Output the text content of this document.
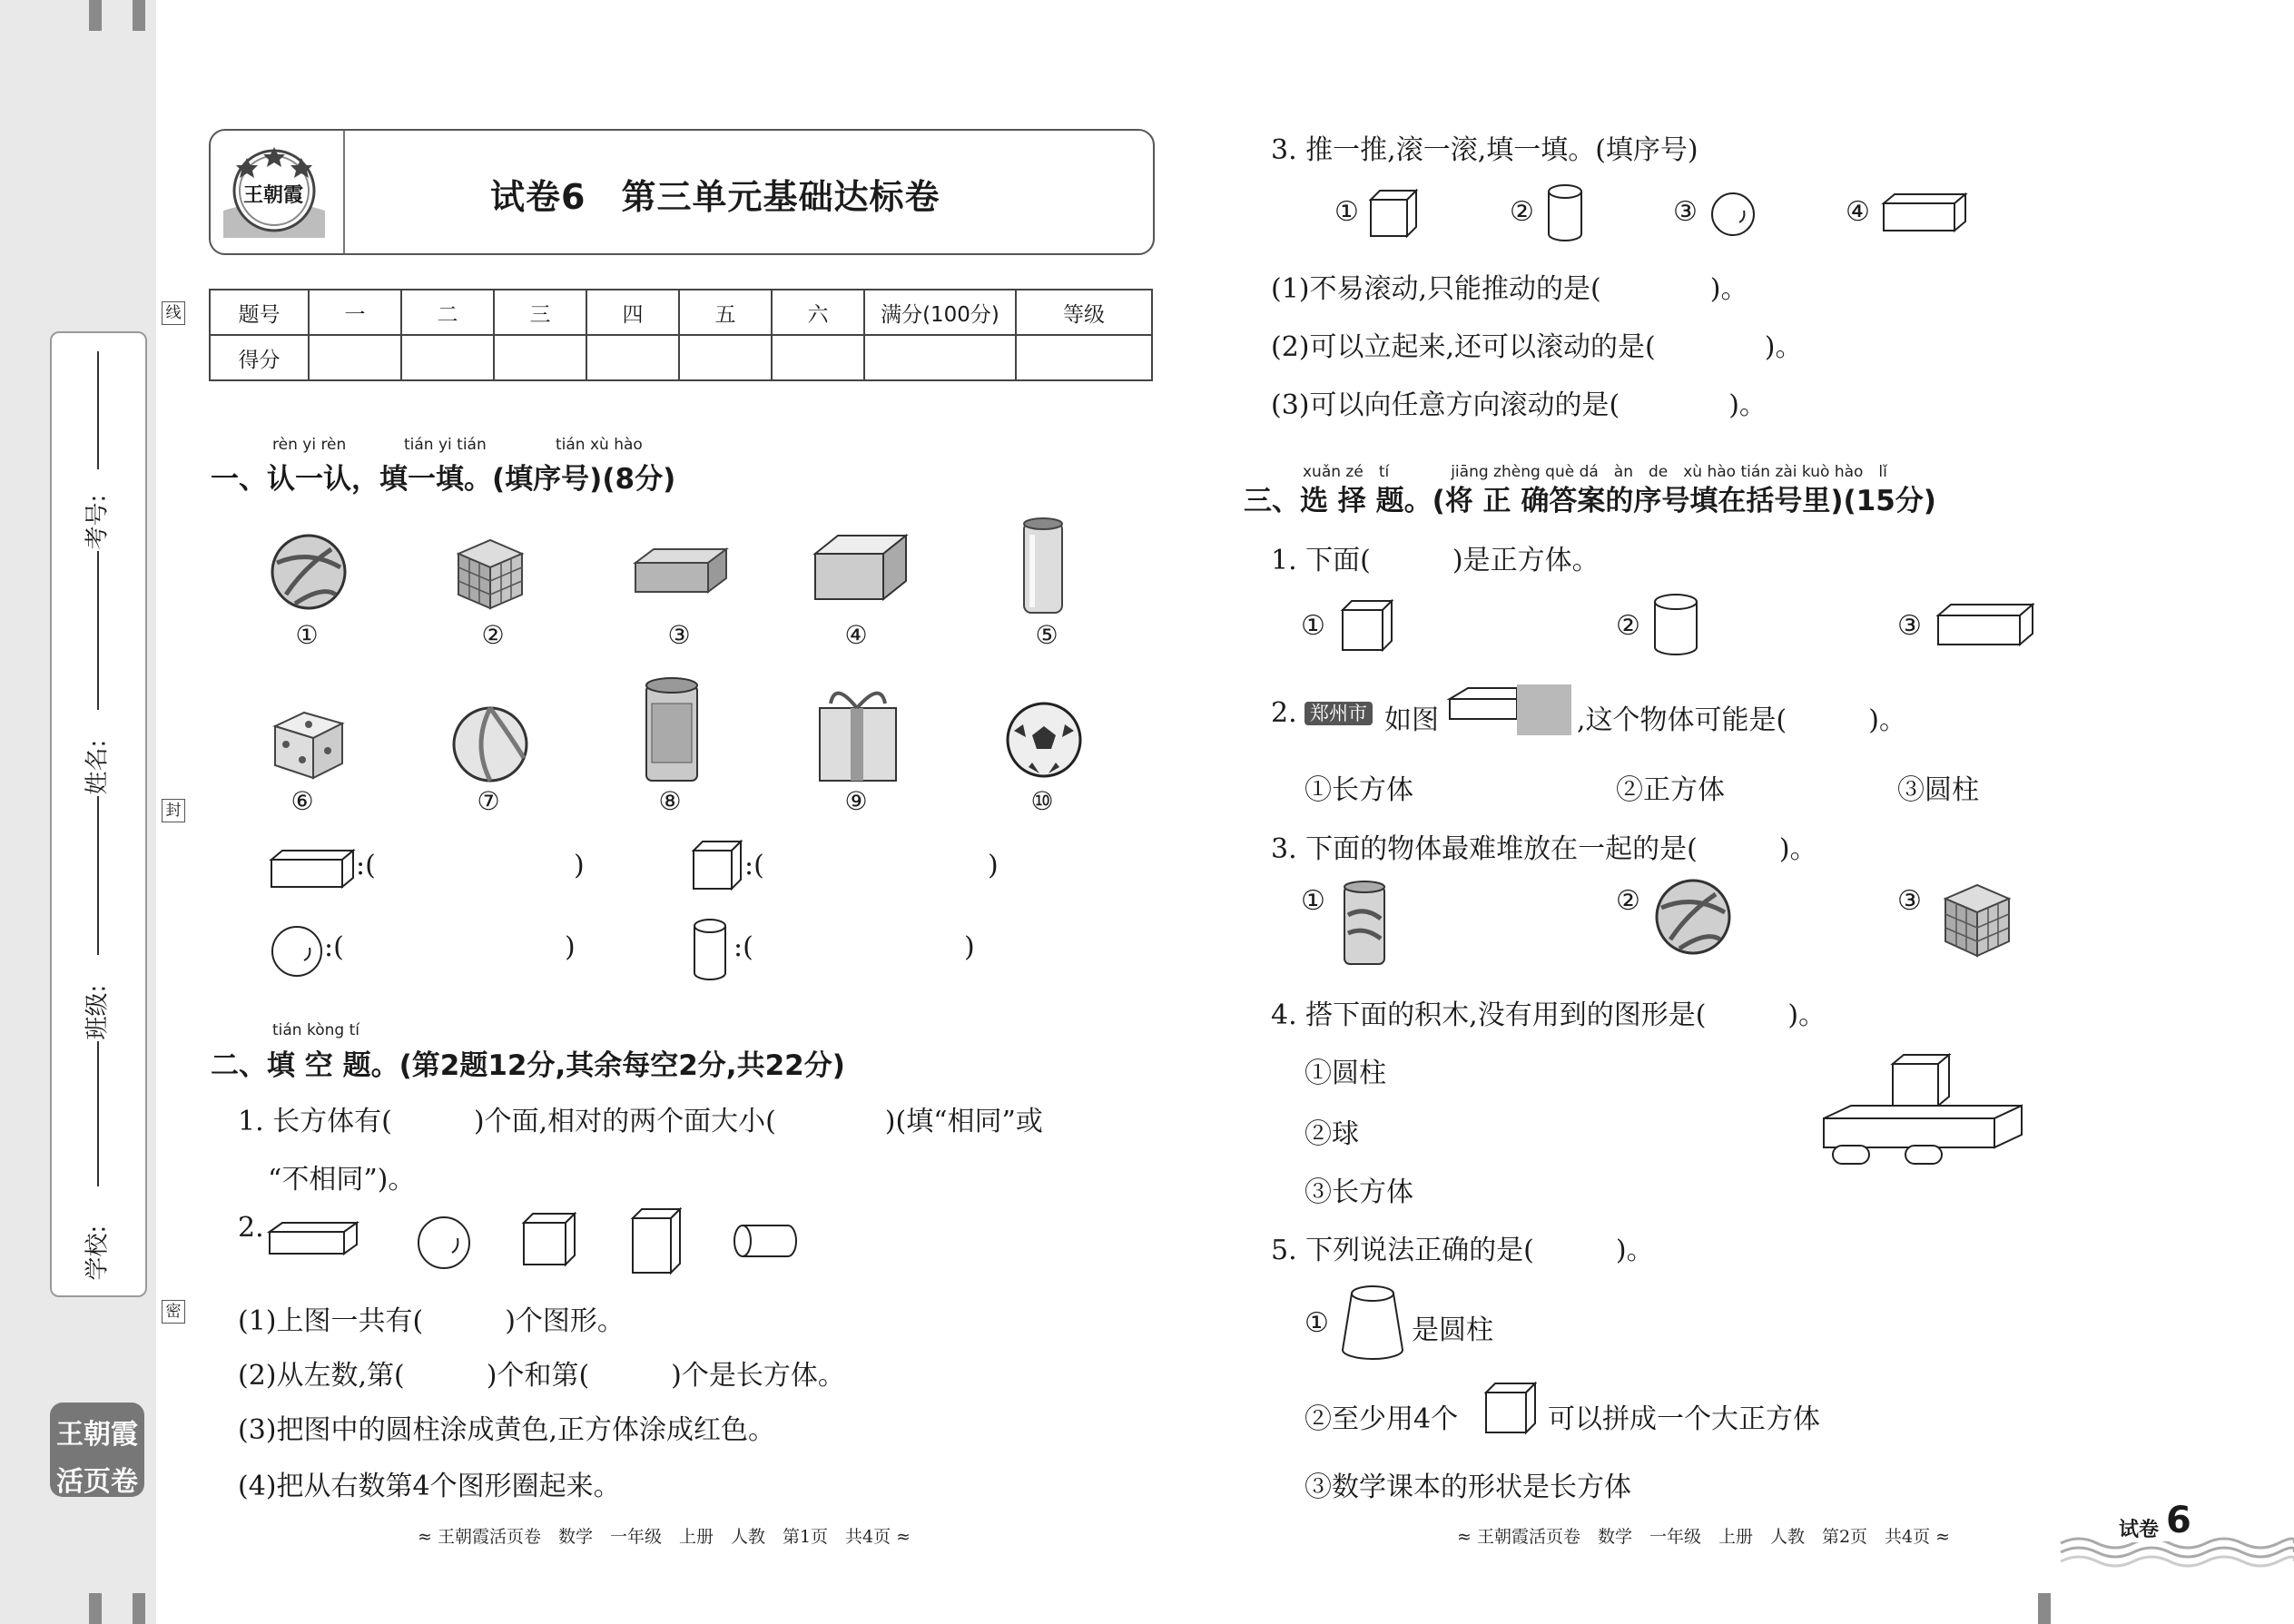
学校:
班级:
姓名:
考号:
线
封
密
王朝霞
活页卷
王朝霞	试卷6　第三单元基础达标卷
题号	一	二	三	四	五	六	满分(100分)	等级
得分								
rèn yi rèn	tián yi tián	tián xù hào
一、认一认，填一填。(填序号)(8分)
①	②	③	④	⑤
⑥	⑦	⑧	⑨	⑩
:(	)	:(	)
:(	)	:(	)
tián kòng tí
二、填 空 题。(第2题12分,其余每空2分,共22分)
1. 长方体有(　　　)个面,相对的两个面大小(　　　　)(填“相同”或
“不相同”)。
2.
(1)上图一共有(　　　)个图形。
(2)从左数,第(　　　)个和第(　　　)个是长方体。
(3)把图中的圆柱涂成黄色,正方体涂成红色。
(4)把从右数第4个图形圈起来。
≈ 王朝霞活页卷　数学　一年级　上册　人教　第1页　共4页 ≈
3. 推一推,滚一滚,填一填。(填序号)
①	②	③	④
(1)不易滚动,只能推动的是(　　　　)。
(2)可以立起来,还可以滚动的是(　　　　)。
(3)可以向任意方向滚动的是(　　　　)。
xuǎn zé　tí　　　　jiāng zhèng què dá　àn　de　xù hào tián zài kuò hào　lǐ
三、选 择 题。(将 正 确答案的序号填在括号里)(15分)
1. 下面(　　　)是正方体。
①	②	③
2. 郑州市 如图	,这个物体可能是(　　　)。
①长方体	②正方体	③圆柱
3. 下面的物体最难堆放在一起的是(　　　)。
①	②	③
4. 搭下面的积木,没有用到的图形是(　　　)。
①圆柱
②球
③长方体
5. 下列说法正确的是(　　　)。
①	是圆柱
②至少用4个	可以拼成一个大正方体
③数学课本的形状是长方体
≈ 王朝霞活页卷　数学　一年级　上册　人教　第2页　共4页 ≈	试卷 6
